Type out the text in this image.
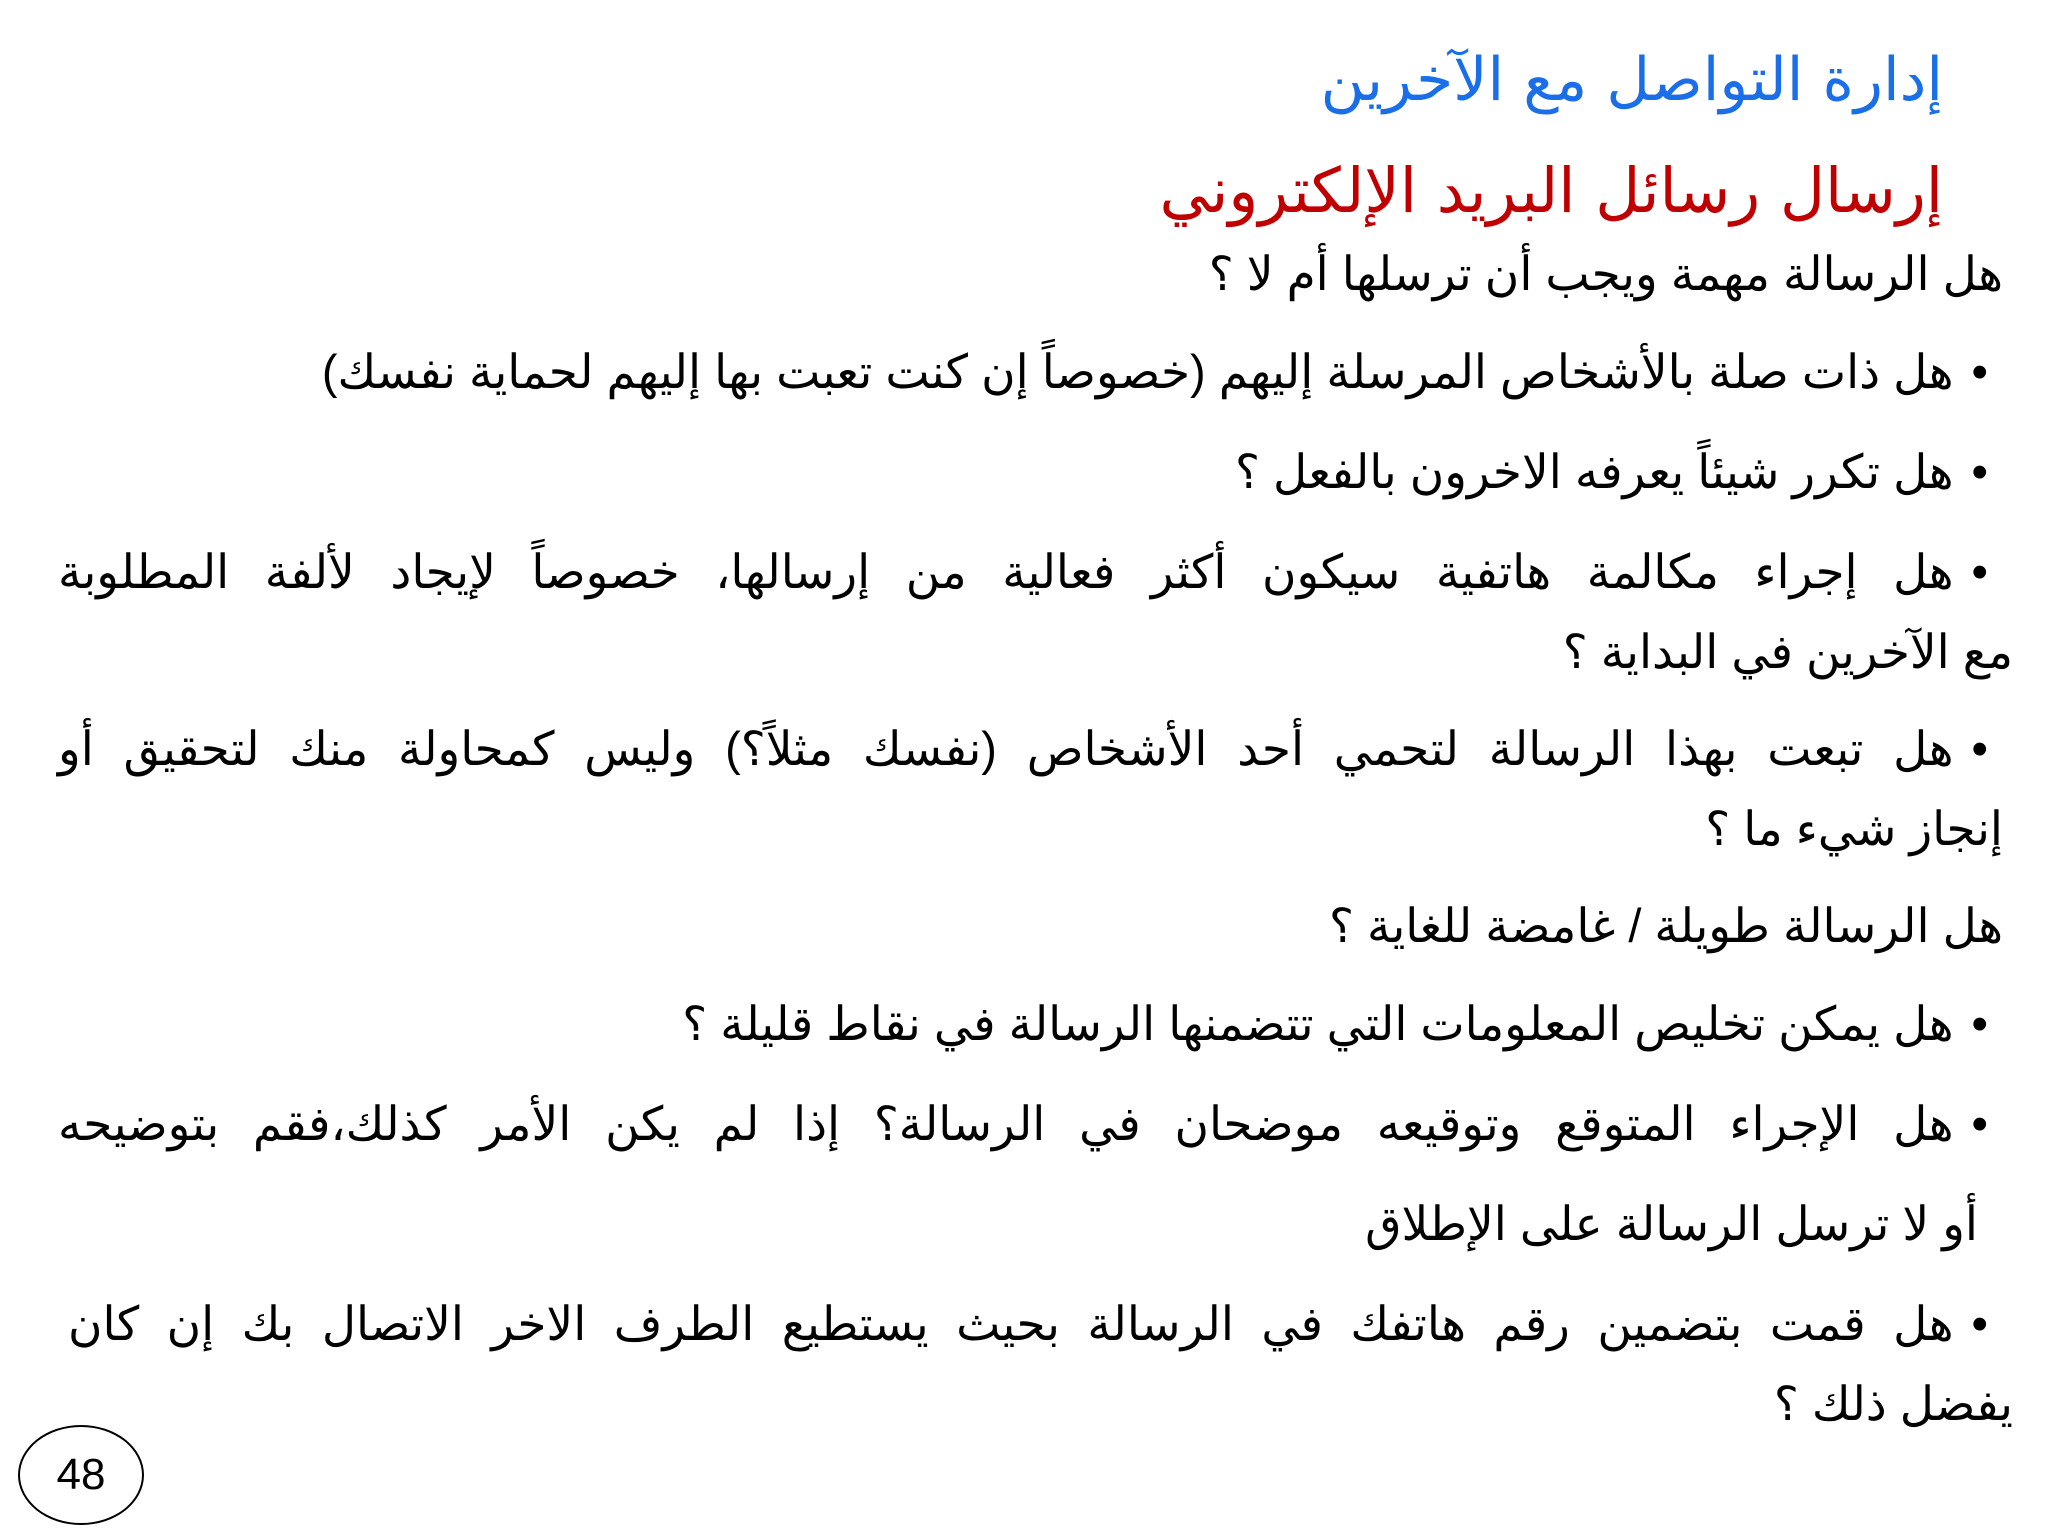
إدارة التواصل مع الآخرين
إرسال رسائل البريد الإلكتروني
هل الرسالة مهمة ويجب أن ترسلها أم لا ؟
•هل ذات صلة بالأشخاص المرسلة إليهم (خصوصاً إن كنت تعبت بها إليهم لحماية نفسك)
•هل تكرر شيئاً يعرفه الاخرون بالفعل ؟
•هل إجراء مكالمة هاتفية سيكون أكثر فعالية من إرسالها، خصوصاً لإيجاد لألفة المطلوبة
مع الآخرين في البداية ؟
•هل تبعت بهذا الرسالة لتحمي أحد الأشخاص (نفسك مثلاً؟) وليس كمحاولة منك لتحقيق أو
إنجاز شيء ما ؟
هل الرسالة طويلة / غامضة للغاية ؟
•هل يمكن تخليص المعلومات التي تتضمنها الرسالة في نقاط قليلة ؟
•هل الإجراء المتوقع وتوقيعه موضحان في الرسالة؟ إذا لم يكن الأمر كذلك،فقم بتوضيحه
أو لا ترسل الرسالة على الإطلاق
•هل قمت بتضمين رقم هاتفك في الرسالة بحيث يستطيع الطرف الاخر الاتصال بك إن كان
يفضل ذلك ؟
48
